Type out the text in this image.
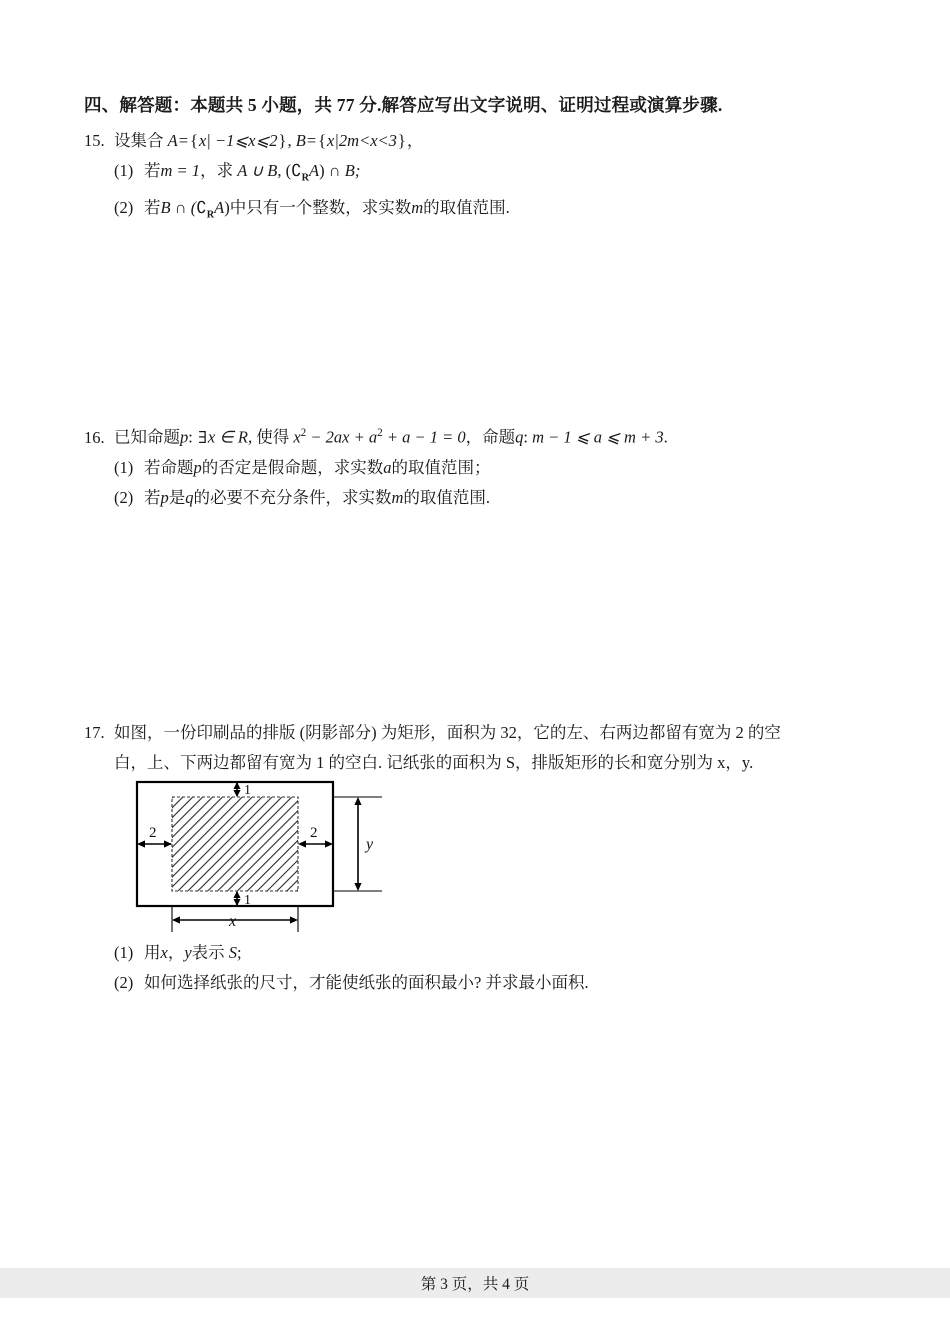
四、解答题：本题共 5 小题，共 77 分.解答应写出文字说明、证明过程或演算步骤.
15. 设集合 A= {x| −1⩽x⩽2}, B= {x|2m<x<3}，
(1) 若m = 1，求 A ∪ B, $(∁_RA)$ ∩ B;
(2) 若B ∩ $(∁_RA)$中只有一个整数，求实数m的取值范围.
16. 已知命题p: ∃x ∈ R, 使得 $x^2 - 2ax + a^2 + a - 1 = 0$，命题q: m − 1 ⩽ a ⩽ m + 3.
(1) 若命题p的否定是假命题，求实数a的取值范围；
(2) 若p是q的必要不充分条件，求实数m的取值范围.
17. 如图，一份印刷品的排版 (阴影部分) 为矩形，面积为 32，它的左、右两边都留有宽为 2 的空
白，上、下两边都留有宽为 1 的空白. 记纸张的面积为 S，排版矩形的长和宽分别为 x，y.
1
1
2	2
y
x
(1) 用x，y表示 S;
(2) 如何选择纸张的尺寸，才能使纸张的面积最小? 并求最小面积.
第 3 页，共 4 页
